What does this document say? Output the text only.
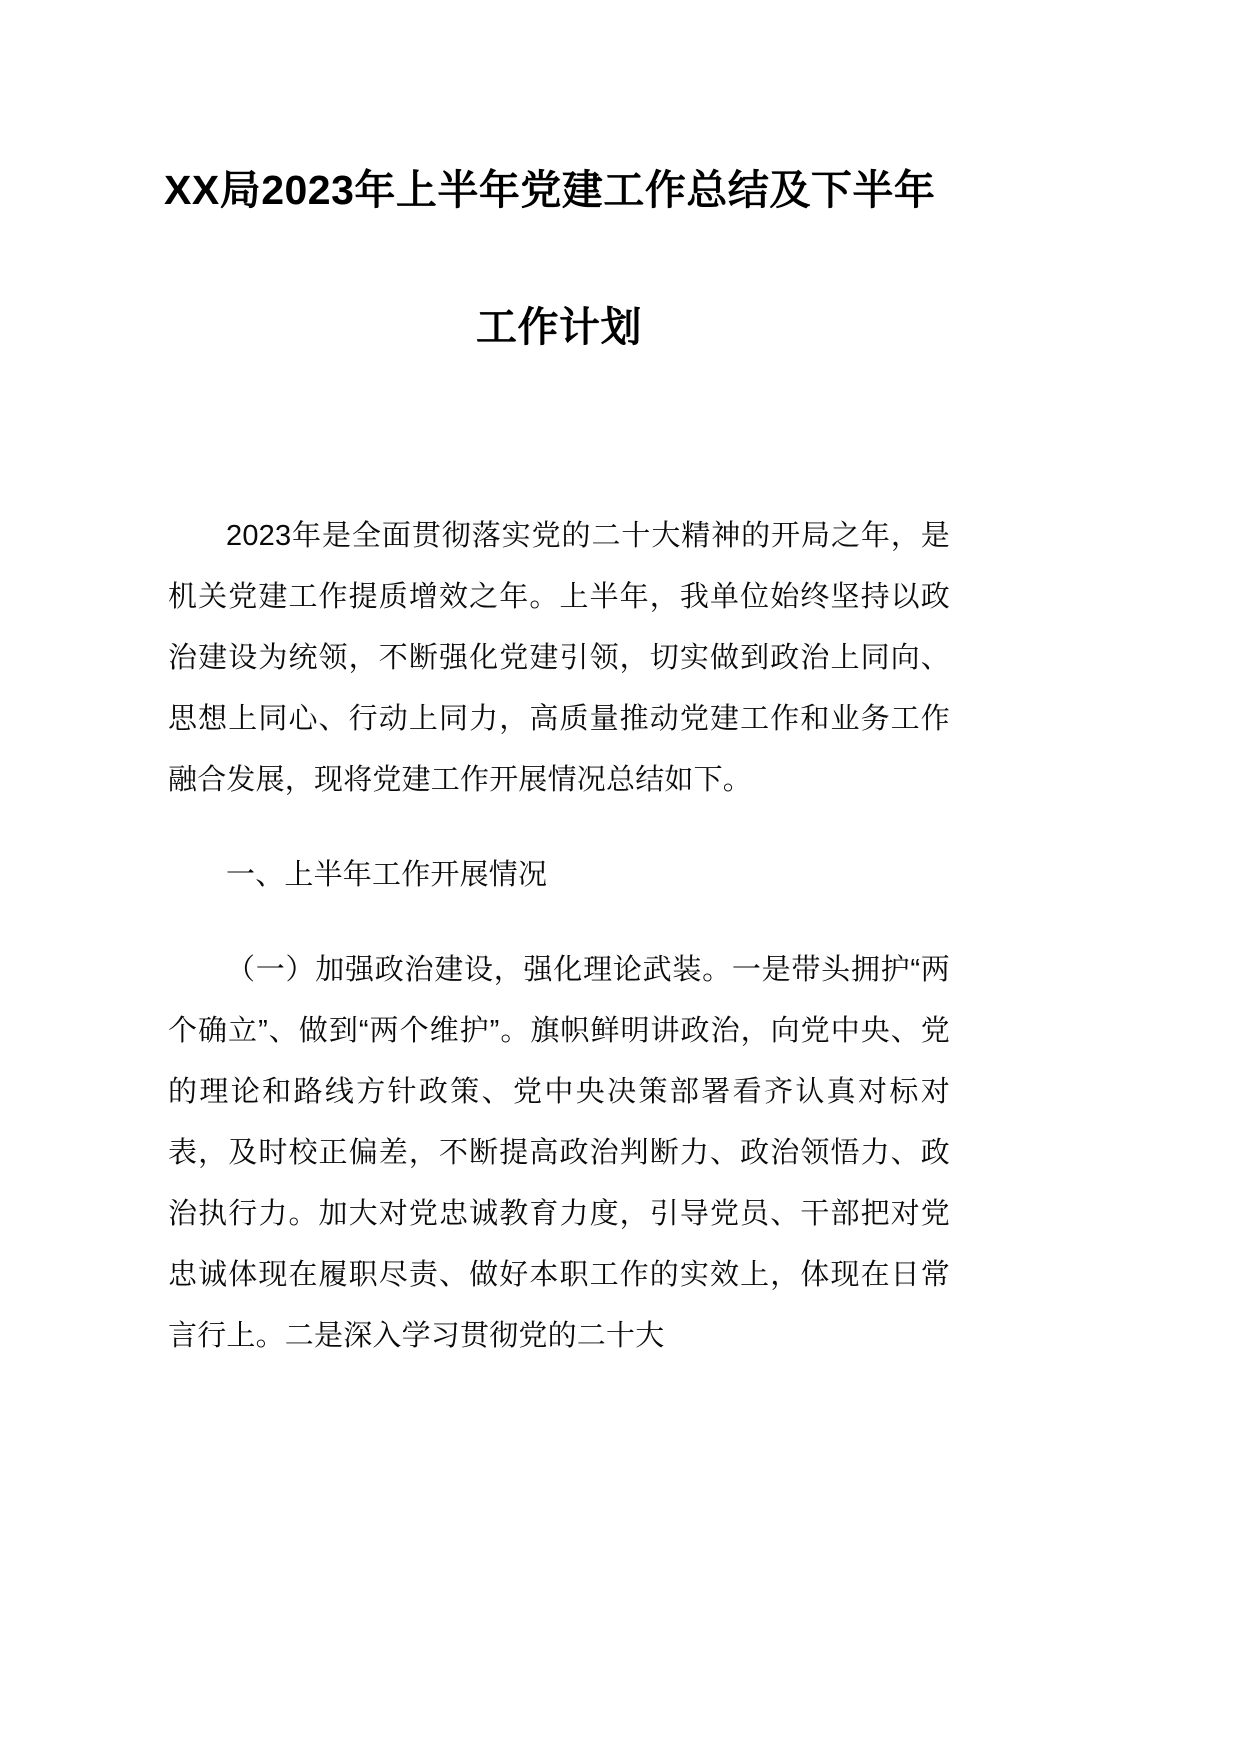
XX局2023年上半年党建工作总结及下半年
工作计划

2023年是全面贯彻落实党的二十大精神的开局之年，是机关党建工作提质增效之年。上半年，我单位始终坚持以政治建设为统领，不断强化党建引领，切实做到政治上同向、思想上同心、行动上同力，高质量推动党建工作和业务工作融合发展，现将党建工作开展情况总结如下。

一、上半年工作开展情况

（一）加强政治建设，强化理论武装。一是带头拥护“两个确立”、做到“两个维护”。旗帜鲜明讲政治，向党中央、党的理论和路线方针政策、党中央决策部署看齐认真对标对表，及时校正偏差，不断提高政治判断力、政治领悟力、政治执行力。加大对党忠诚教育力度，引导党员、干部把对党忠诚体现在履职尽责、做好本职工作的实效上，体现在日常言行上。二是深入学习贯彻党的二十大
